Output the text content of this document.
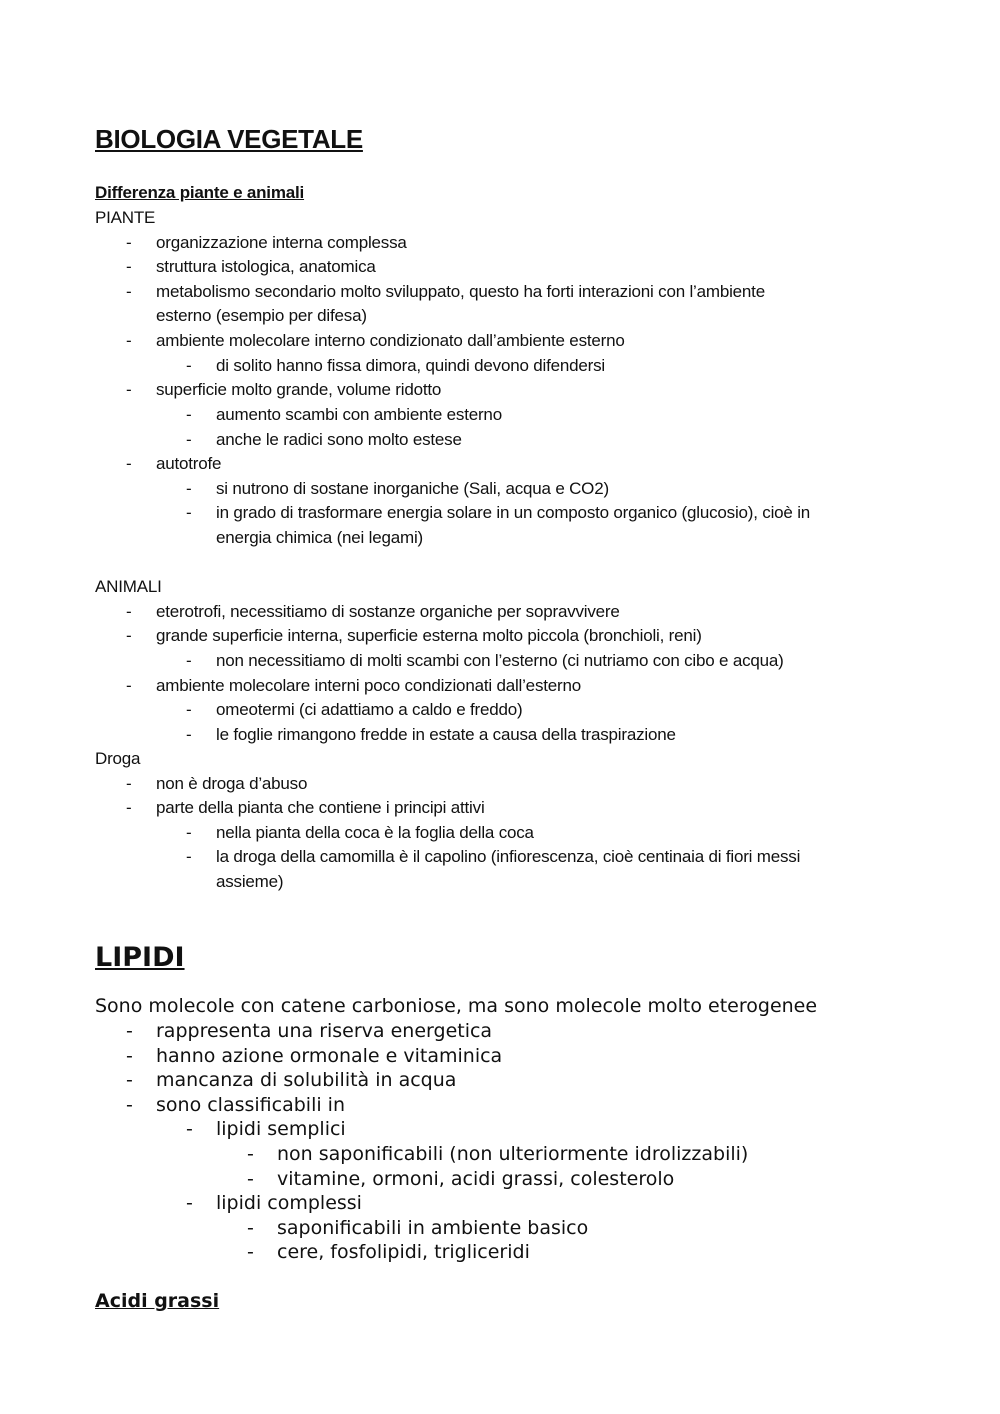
BIOLOGIA VEGETALE
Differenza piante e animali
PIANTE
- organizzazione interna complessa
- struttura istologica, anatomica
- metabolismo secondario molto sviluppato, questo ha forti interazioni con l’ambiente
esterno (esempio per difesa)
- ambiente molecolare interno condizionato dall’ambiente esterno
- di solito hanno fissa dimora, quindi devono difendersi
- superficie molto grande, volume ridotto
- aumento scambi con ambiente esterno
- anche le radici sono molto estese
- autotrofe
- si nutrono di sostane inorganiche (Sali, acqua e CO2)
- in grado di trasformare energia solare in un composto organico (glucosio), cioè in
energia chimica (nei legami)
ANIMALI
- eterotrofi, necessitiamo di sostanze organiche per sopravvivere
- grande superficie interna, superficie esterna molto piccola (bronchioli, reni)
- non necessitiamo di molti scambi con l’esterno (ci nutriamo con cibo e acqua)
- ambiente molecolare interni poco condizionati dall’esterno
- omeotermi (ci adattiamo a caldo e freddo)
- le foglie rimangono fredde in estate a causa della traspirazione
Droga
- non è droga d’abuso
- parte della pianta che contiene i principi attivi
- nella pianta della coca è la foglia della coca
- la droga della camomilla è il capolino (infiorescenza, cioè centinaia di fiori messi
assieme)
LIPIDI
Sono molecole con catene carboniose, ma sono molecole molto eterogenee
- rappresenta una riserva energetica
- hanno azione ormonale e vitaminica
- mancanza di solubilità in acqua
- sono classificabili in
- lipidi semplici
- non saponificabili (non ulteriormente idrolizzabili)
- vitamine, ormoni, acidi grassi, colesterolo
- lipidi complessi
- saponificabili in ambiente basico
- cere, fosfolipidi, trigliceridi
Acidi grassi
